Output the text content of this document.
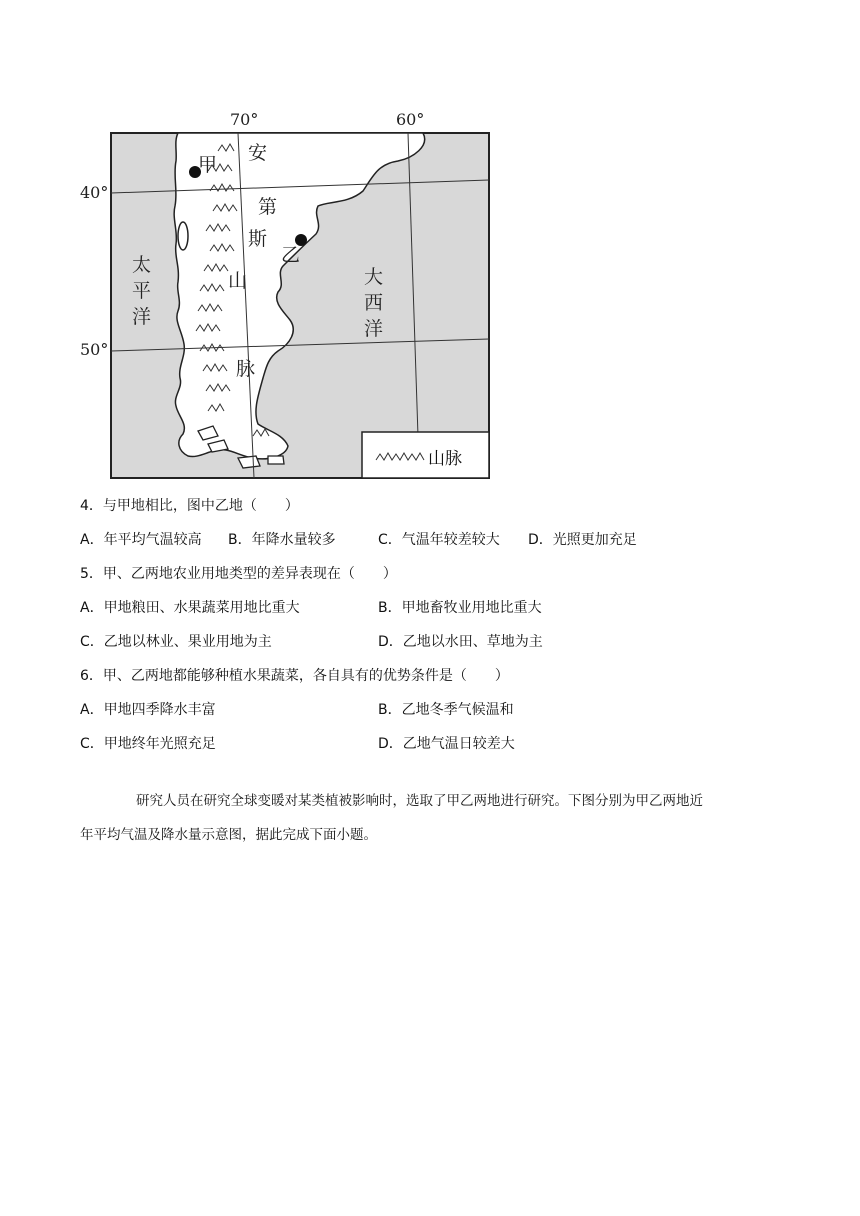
70°	60°
40°
50°
甲
乙
安
第
斯
山
脉
太
平
洋
大
西
洋
山脉
4．与甲地相比，图中乙地（　　）
A．年平均气温较高 B．年降水量较多	C．气温年较差较大 D．光照更加充足
5．甲、乙两地农业用地类型的差异表现在（　　）
A．甲地粮田、水果蔬菜用地比重大	B．甲地畜牧业用地比重大
C．乙地以林业、果业用地为主	D．乙地以水田、草地为主
6．甲、乙两地都能够种植水果蔬菜，各自具有的优势条件是（　　）
A．甲地四季降水丰富	B．乙地冬季气候温和
C．甲地终年光照充足	D．乙地气温日较差大
研究人员在研究全球变暖对某类植被影响时，选取了甲乙两地进行研究。下图分别为甲乙两地近
年平均气温及降水量示意图，据此完成下面小题。
